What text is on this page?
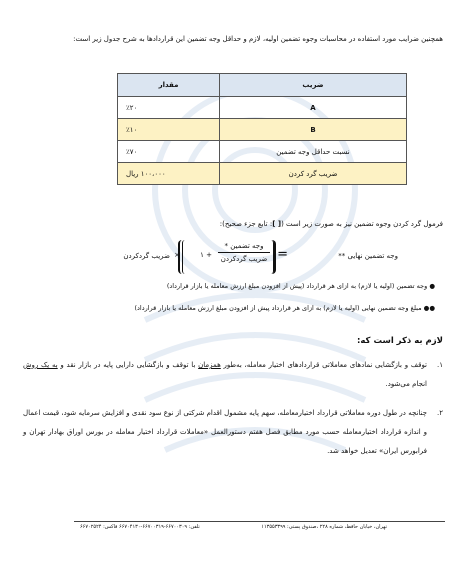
همچنین ضرایب مورد استفاده در محاسبات وجوه تضمین اولیه، لازم و حداقل وجه تضمین این قراردادها به شرح جدول زیر است:
ضریب	مقدار
A	٪۲۰
B	٪۱۰
نسبت حداقل وجه تضمین	٪۷۰
ضریب گرد کردن	۱۰۰،۰۰۰ ریال
فرمول گرد کردن وجوه تضمین نیز به صورت زیر است ([ ]: تابع جزء صحیح):
وجه تضمین نهایی **
=
وجه تضمین *
ضریب گردکردن
+ ۱
×
ضریب گردکردن
● وجه تضمین (اولیه یا لازم) به ازای هر قرارداد (پیش از افزودن مبلغ ارزش معامله یا بازار قرارداد)
●● مبلغ وجه تضمین نهایی (اولیه یا لازم) به ازای هر قرارداد پیش از افزودن مبلغ ارزش معامله یا بازار قرارداد)
لازم به ذکر است که:
۱.
توقف و بازگشایی نمادهای معاملاتی قراردادهای اختیار معامله، به‌طور همزمان با توقف و بازگشایی دارایی پایه در بازار نقد و به یک روش انجام می‌شود.
۲.
چنانچه در طول دوره معاملاتی قرارداد اختیارمعامله، سهم پایه مشمول اقدام شرکتی از نوع سود نقدی و افزایش سرمایه شود، قیمت اعمال و اندازه قرارداد اختیارمعامله حسب مورد مطابق فصل هفتم دستورالعمل «معاملات قرارداد اختیار معامله در بورس اوراق بهادار تهران و فرابورس ایران» تعدیل خواهد شد.
تهران، خیابان حافظ، شماره ۲۲۸ ،صندوق پستی: ۱۱۳۵۵۳۳۹۹
تلفن: ۶۶۷۰۰۳۰۹-۶۶۷۰۰۳۱۹-۶۶۷۰۴۱۳۰ فاکس: ۶۶۷۰۲۵۲۴
